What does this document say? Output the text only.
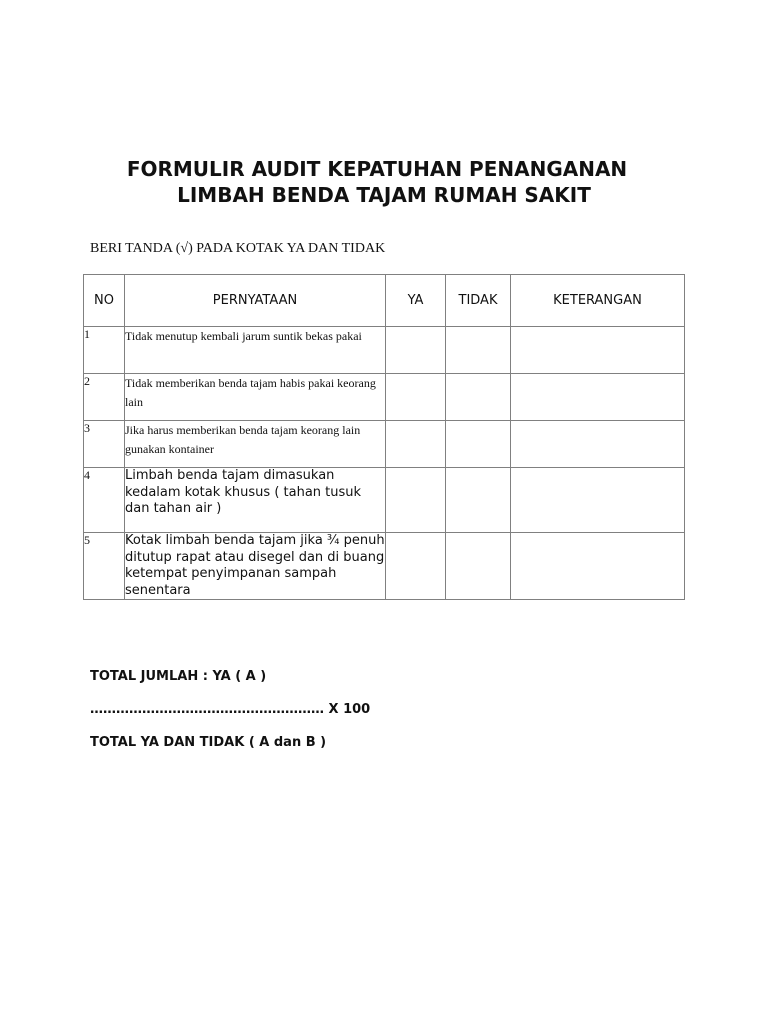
FORMULIR AUDIT KEPATUHAN PENANGANAN
LIMBAH BENDA TAJAM RUMAH SAKIT
BERI TANDA (√) PADA KOTAK YA DAN TIDAK
NO	PERNYATAAN	YA	TIDAK	KETERANGAN
1	Tidak menutup kembali jarum suntik bekas pakai			
2	Tidak memberikan benda tajam habis pakai keorang lain			
3	Jika harus memberikan benda tajam keorang lain gunakan kontainer			
4	Limbah benda tajam dimasukan kedalam kotak khusus ( tahan tusuk dan tahan air )			
5	Kotak limbah benda tajam jika ¾ penuh ditutup rapat atau disegel dan di buang ketempat penyimpanan sampah senentara			
TOTAL JUMLAH : YA ( A )
……………………………………………… X 100
TOTAL YA DAN TIDAK ( A dan B )
